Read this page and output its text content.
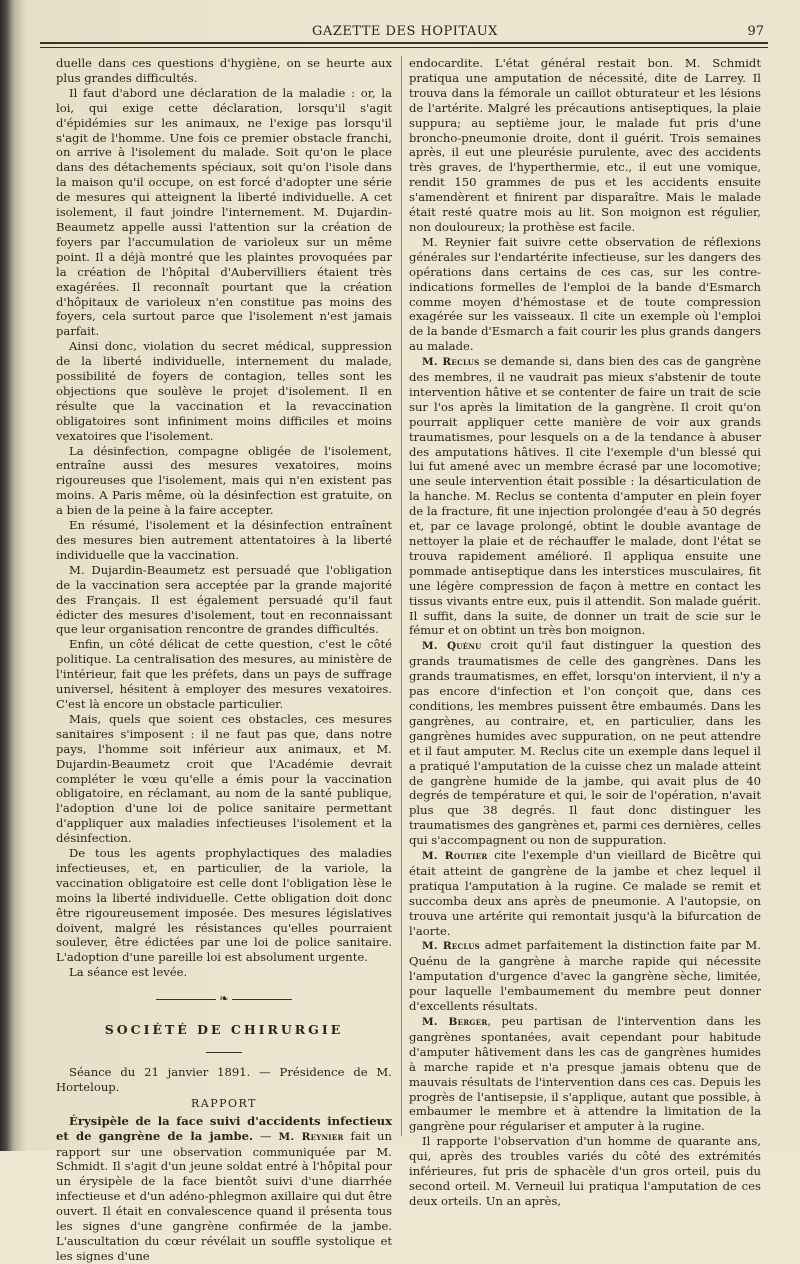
GAZETTE DES HOPITAUX	97

duelle dans ces questions d'hygiène, on se heurte aux plus grandes difficultés.

Il faut d'abord une déclaration de la maladie : or, la loi, qui exige cette déclaration, lorsqu'il s'agit d'épidémies sur les animaux, ne l'exige pas lorsqu'il s'agit de l'homme. Une fois ce premier obstacle franchi, on arrive à l'isolement du malade. Soit qu'on le place dans des détachements spéciaux, soit qu'on l'isole dans la maison qu'il occupe, on est forcé d'adopter une série de mesures qui atteignent la liberté individuelle. A cet isolement, il faut joindre l'internement. M. Dujardin-Beaumetz appelle aussi l'attention sur la création de foyers par l'accumulation de varioleux sur un même point. Il a déjà montré que les plaintes provoquées par la création de l'hôpital d'Aubervilliers étaient très exagérées. Il reconnaît pourtant que la création d'hôpitaux de varioleux n'en constitue pas moins des foyers, cela surtout parce que l'isolement n'est jamais parfait.

Ainsi donc, violation du secret médical, suppression de la liberté individuelle, internement du malade, possibilité de foyers de contagion, telles sont les objections que soulève le projet d'isolement. Il en résulte que la vaccination et la revaccination obligatoires sont infiniment moins difficiles et moins vexatoires que l'isolement.

La désinfection, compagne obligée de l'isolement, entraîne aussi des mesures vexatoires, moins rigoureuses que l'isolement, mais qui n'en existent pas moins. A Paris même, où la désinfection est gratuite, on a bien de la peine à la faire accepter.

En résumé, l'isolement et la désinfection entraînent des mesures bien autrement attentatoires à la liberté individuelle que la vaccination.

M. Dujardin-Beaumetz est persuadé que l'obligation de la vaccination sera acceptée par la grande majorité des Français. Il est également persuadé qu'il faut édicter des mesures d'isolement, tout en reconnaissant que leur organisation rencontre de grandes difficultés.

Enfin, un côté délicat de cette question, c'est le côté politique. La centralisation des mesures, au ministère de l'intérieur, fait que les préfets, dans un pays de suffrage universel, hésitent à employer des mesures vexatoires. C'est là encore un obstacle particulier.

Mais, quels que soient ces obstacles, ces mesures sanitaires s'imposent : il ne faut pas que, dans notre pays, l'homme soit inférieur aux animaux, et M. Dujardin-Beaumetz croit que l'Académie devrait compléter le vœu qu'elle a émis pour la vaccination obligatoire, en réclamant, au nom de la santé publique, l'adoption d'une loi de police sanitaire permettant d'appliquer aux maladies infectieuses l'isolement et la désinfection.

De tous les agents prophylactiques des maladies infectieuses, et, en particulier, de la variole, la vaccination obligatoire est celle dont l'obligation lèse le moins la liberté individuelle. Cette obligation doit donc être rigoureusement imposée. Des mesures législatives doivent, malgré les résistances qu'elles pourraient soulever, être édictées par une loi de police sanitaire. L'adoption d'une pareille loi est absolument urgente.

La séance est levée.

❧
SOCIÉTÉ DE CHIRURGIE

Séance du 21 janvier 1891. — Présidence de M. Horteloup.

RAPPORT

Érysipèle de la face suivi d'accidents infectieux et de gangrène de la jambe. — M. Reynier fait un rapport sur une observation communiquée par M. Schmidt. Il s'agit d'un jeune soldat entré à l'hôpital pour un érysipèle de la face bientôt suivi d'une diarrhée infectieuse et d'un adéno-phlegmon axillaire qui dut être ouvert. Il était en convalescence quand il présenta tous les signes d'une gangrène confirmée de la jambe. L'auscultation du cœur révélait un souffle systolique et les signes d'une

endocardite. L'état général restait bon. M. Schmidt pratiqua une amputation de nécessité, dite de Larrey. Il trouva dans la fémorale un caillot obturateur et les lésions de l'artérite. Malgré les précautions antiseptiques, la plaie suppura; au septième jour, le malade fut pris d'une broncho-pneumonie droite, dont il guérit. Trois semaines après, il eut une pleurésie purulente, avec des accidents très graves, de l'hyperthermie, etc., il eut une vomique, rendit 150 grammes de pus et les accidents ensuite s'amendèrent et finirent par disparaître. Mais le malade était resté quatre mois au lit. Son moignon est régulier, non douloureux; la prothèse est facile.

M. Reynier fait suivre cette observation de réflexions générales sur l'endartérite infectieuse, sur les dangers des opérations dans certains de ces cas, sur les contre-indications formelles de l'emploi de la bande d'Esmarch comme moyen d'hémostase et de toute compression exagérée sur les vaisseaux. Il cite un exemple où l'emploi de la bande d'Esmarch a fait courir les plus grands dangers au malade.

M. Reclus se demande si, dans bien des cas de gangrène des membres, il ne vaudrait pas mieux s'abstenir de toute intervention hâtive et se contenter de faire un trait de scie sur l'os après la limitation de la gangrène. Il croit qu'on pourrait appliquer cette manière de voir aux grands traumatismes, pour lesquels on a de la tendance à abuser des amputations hâtives. Il cite l'exemple d'un blessé qui lui fut amené avec un membre écrasé par une locomotive; une seule intervention était possible : la désarticulation de la hanche. M. Reclus se contenta d'amputer en plein foyer de la fracture, fit une injection prolongée d'eau à 50 degrés et, par ce lavage prolongé, obtint le double avantage de nettoyer la plaie et de réchauffer le malade, dont l'état se trouva rapidement amélioré. Il appliqua ensuite une pommade antiseptique dans les interstices musculaires, fit une légère compression de façon à mettre en contact les tissus vivants entre eux, puis il attendit. Son malade guérit. Il suffit, dans la suite, de donner un trait de scie sur le fémur et on obtint un très bon moignon.

M. Quénu croit qu'il faut distinguer la question des grands traumatismes de celle des gangrènes. Dans les grands traumatismes, en effet, lorsqu'on intervient, il n'y a pas encore d'infection et l'on conçoit que, dans ces conditions, les membres puissent être embaumés. Dans les gangrènes, au contraire, et, en particulier, dans les gangrènes humides avec suppuration, on ne peut attendre et il faut amputer. M. Reclus cite un exemple dans lequel il a pratiqué l'amputation de la cuisse chez un malade atteint de gangrène humide de la jambe, qui avait plus de 40 degrés de température et qui, le soir de l'opération, n'avait plus que 38 degrés. Il faut donc distinguer les traumatismes des gangrènes et, parmi ces dernières, celles qui s'accompagnent ou non de suppuration.

M. Routier cite l'exemple d'un vieillard de Bicêtre qui était atteint de gangrène de la jambe et chez lequel il pratiqua l'amputation à la rugine. Ce malade se remit et succomba deux ans après de pneumonie. A l'autopsie, on trouva une artérite qui remontait jusqu'à la bifurcation de l'aorte.

M. Reclus admet parfaitement la distinction faite par M. Quénu de la gangrène à marche rapide qui nécessite l'amputation d'urgence d'avec la gangrène sèche, limitée, pour laquelle l'embaumement du membre peut donner d'excellents résultats.

M. Berger, peu partisan de l'intervention dans les gangrènes spontanées, avait cependant pour habitude d'amputer hâtivement dans les cas de gangrènes humides à marche rapide et n'a presque jamais obtenu que de mauvais résultats de l'intervention dans ces cas. Depuis les progrès de l'antisepsie, il s'applique, autant que possible, à embaumer le membre et à attendre la limitation de la gangrène pour régulariser et amputer à la rugine.

Il rapporte l'observation d'un homme de quarante ans, qui, après des troubles variés du côté des extrémités inférieures, fut pris de sphacèle d'un gros orteil, puis du second orteil. M. Verneuil lui pratiqua l'amputation de ces deux orteils. Un an après,
